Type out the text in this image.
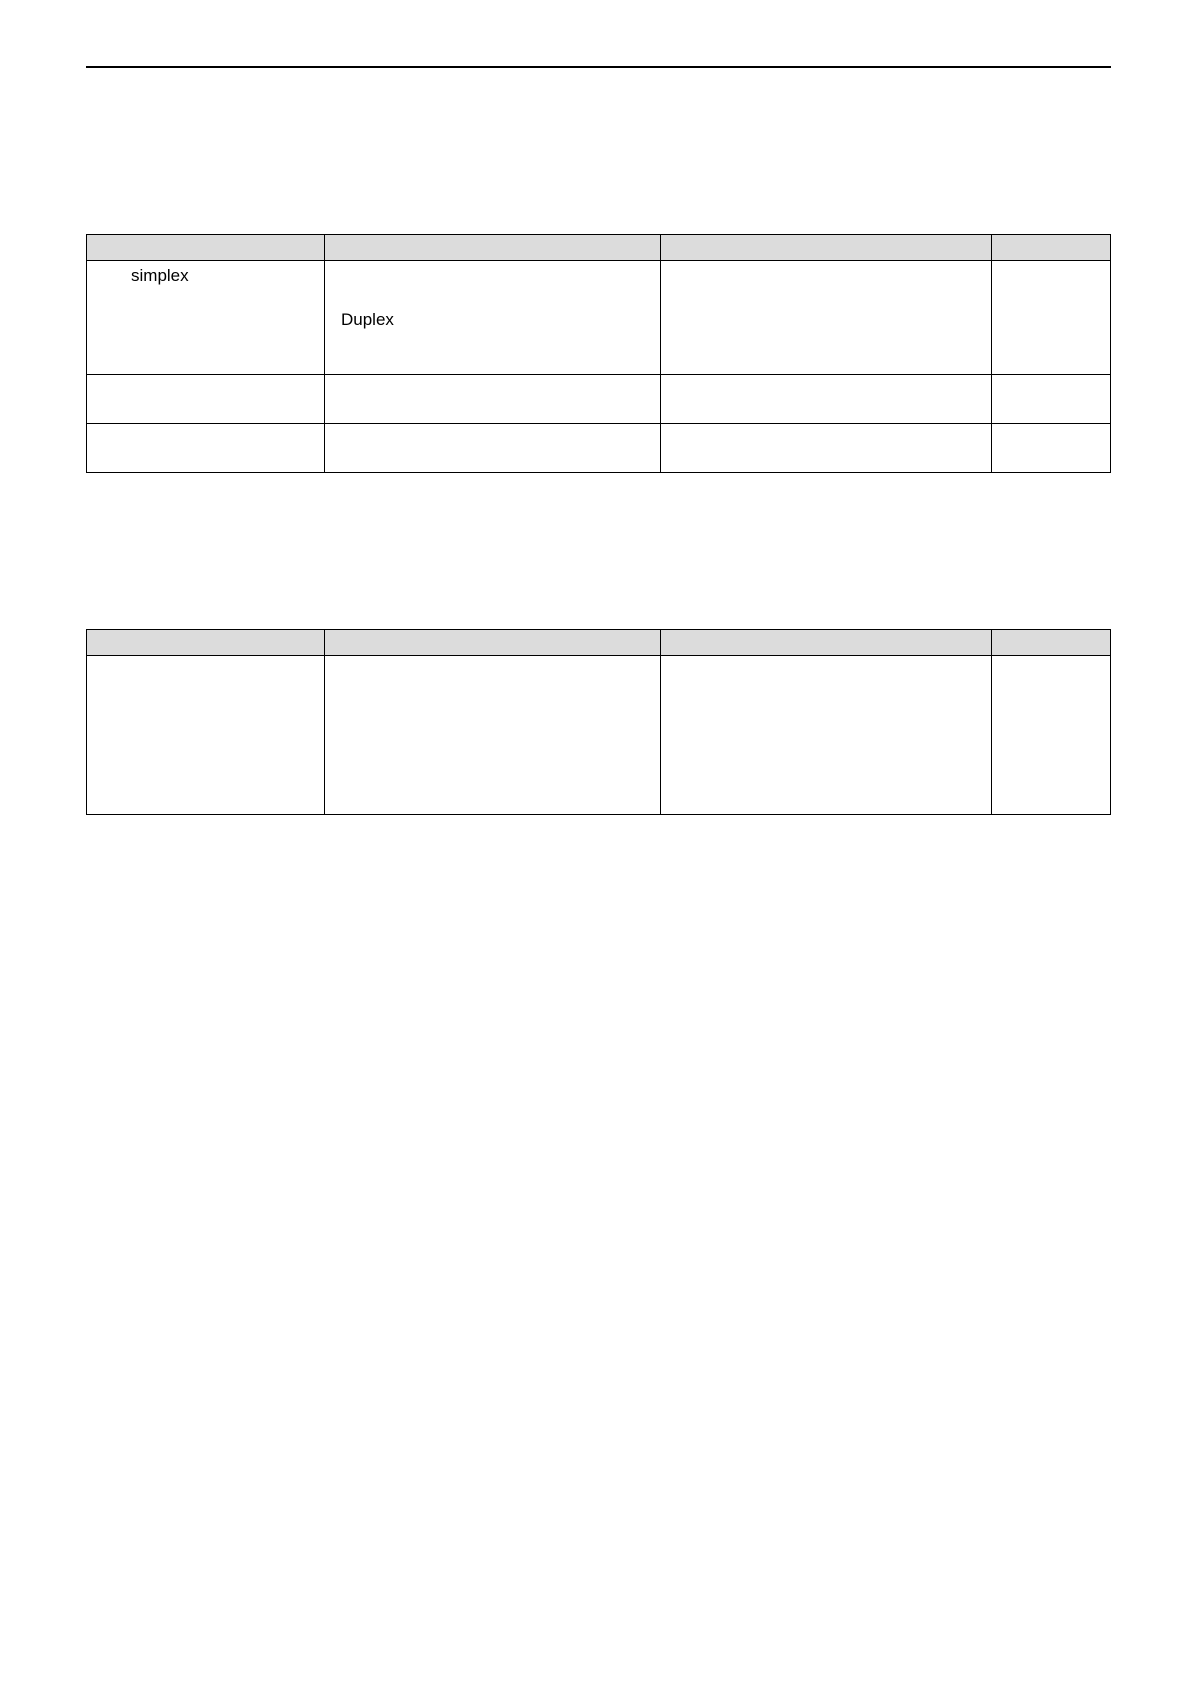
simplex	Duplex		
